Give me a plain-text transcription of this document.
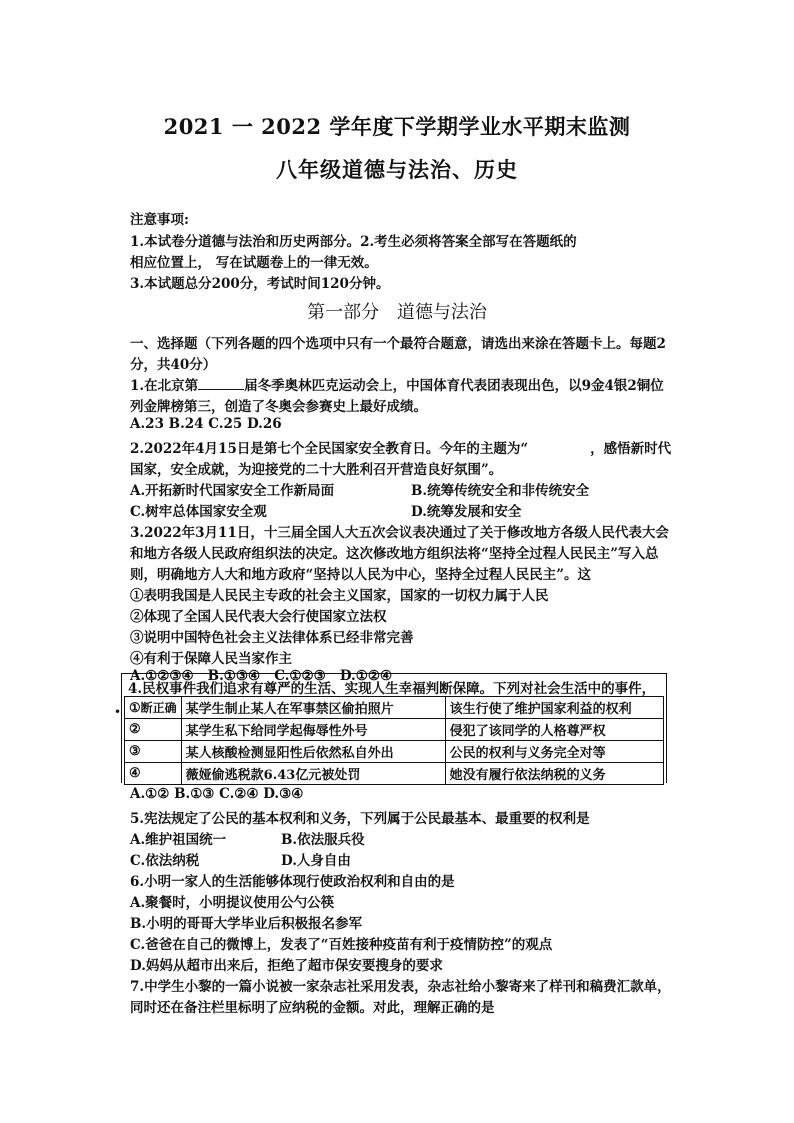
2021 一 2022 学年度下学期学业水平期末监测
八年级道德与法治、历史
注意事项:
1.本试卷分道德与法治和历史两部分。2.考生必须将答案全部写在答题纸的
相应位置上， 写在试题卷上的一律无效。
3.本试题总分200分，考试时间120分钟。
第一部分 道德与法治
一、选择题（下列各题的四个选项中只有一个最符合题意，请选出来涂在答题卡上。每题2
分，共40分）
1.在北京第	届冬季奥林匹克运动会上，中国体育代表团表现出色，以9金4银2铜位
列金牌榜第三，创造了冬奥会参赛史上最好成绩。
A.23 B.24 C.25 D.26
2.2022年4月15日是第七个全民国家安全教育日。今年的主题为“	，感悟新时代
国家，安全成就，为迎接党的二十大胜利召开营造良好氛围”。
A.开拓新时代国家安全工作新局面	B.统筹传统安全和非传统安全
C.树牢总体国家安全观	D.统筹发展和安全
3.2022年3月11日，十三届全国人大五次会议表决通过了关于修改地方各级人民代表大会
和地方各级人民政府组织法的决定。这次修改地方组织法将“坚持全过程人民民主”写入总
则，明确地方人大和地方政府“坚持以人民为中心，坚持全过程人民民主”。这
①表明我国是人民民主专政的社会主义国家，国家的一切权力属于人民
②体现了全国人民代表大会行使国家立法权
③说明中国特色社会主义法律体系已经非常完善
④有利于保障人民当家作主
A.①②③④   B.①③④   C.①②③   D.①②④
•
4.民权事件我们追求有尊严的生活、实现人生幸福判断保障。下列对社会生活中的事件，
①断正确	某学生制止某人在军事禁区偷拍照片	该生行使了维护国家利益的权利
②	某学生私下给同学起侮辱性外号	侵犯了该同学的人格尊严权
③	某人核酸检测显阳性后依然私自外出	公民的权利与义务完全对等
④	薇娅偷逃税款6.43亿元被处罚	她没有履行依法纳税的义务
A.①② B.①③ C.②④ D.③④
5.宪法规定了公民的基本权利和义务，下列属于公民最基本、最重要的权利是
A.维护祖国统一	B.依法服兵役
C.依法纳税	D.人身自由
6.小明一家人的生活能够体现行使政治权利和自由的是
A.聚餐时，小明提议使用公勺公筷
B.小明的哥哥大学毕业后积极报名参军
C.爸爸在自己的微博上，发表了“百姓接种疫苗有利于疫情防控”的观点
D.妈妈从超市出来后，拒绝了超市保安要搜身的要求
7.中学生小黎的一篇小说被一家杂志社采用发表，杂志社给小黎寄来了样刊和稿费汇款单，
同时还在备注栏里标明了应纳税的金额。对此，理解正确的是
